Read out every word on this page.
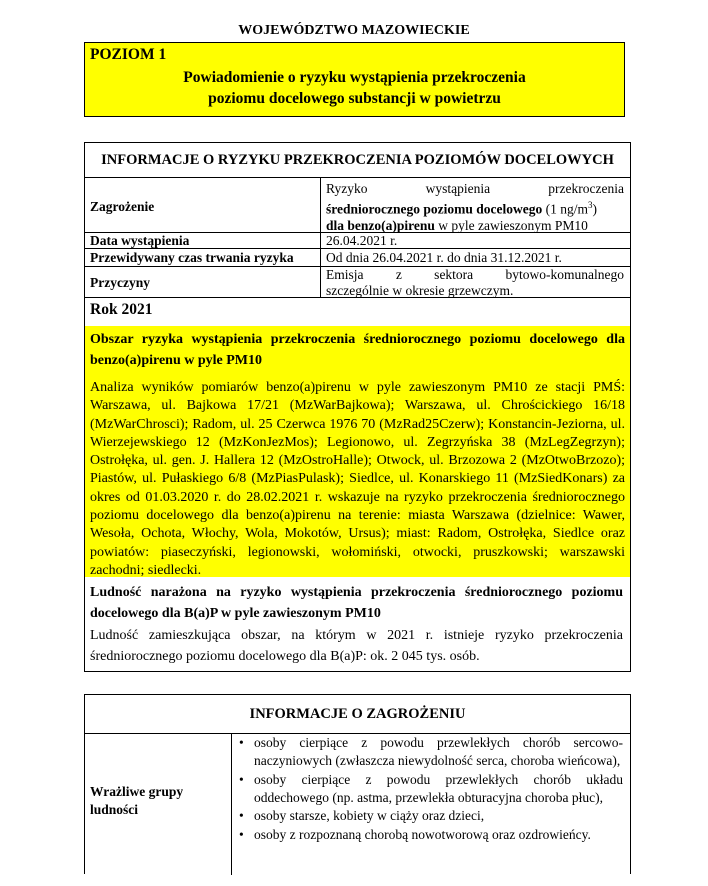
WOJEWÓDZTWO MAZOWIECKIE
POZIOM 1
Powiadomienie o ryzyku wystąpienia przekroczenia
poziomu docelowego substancji w powietrzu
INFORMACJE O RYZYKU PRZEKROCZENIA POZIOMÓW DOCELOWYCH
Zagrożenie
Ryzyko wystąpienia przekroczenia
średniorocznego poziomu docelowego (1 $ng/m^3$)
dla benzo(a)pirenu w pyle zawieszonym PM10
Data wystąpienia	26.04.2021 r.
Przewidywany czas trwania ryzyka Od dnia 26.04.2021 r. do dnia 31.12.2021 r.
Przyczyny
Emisja z sektora bytowo-komunalnego
szczególnie w okresie grzewczym.
Rok 2021
Obszar ryzyka wystąpienia przekroczenia średniorocznego poziomu docelowego dla benzo(a)pirenu w pyle PM10
Analiza wyników pomiarów benzo(a)pirenu w pyle zawieszonym PM10 ze stacji PMŚ: Warszawa, ul. Bajkowa 17/21 (MzWarBajkowa); Warszawa, ul. Chrościckiego 16/18 (MzWarChrosci); Radom, ul. 25 Czerwca 1976 70 (MzRad25Czerw); Konstancin-Jeziorna, ul. Wierzejewskiego 12 (MzKonJezMos); Legionowo, ul. Zegrzyńska 38 (MzLegZegrzyn); Ostrołęka, ul. gen. J. Hallera 12 (MzOstroHalle); Otwock, ul. Brzozowa 2 (MzOtwoBrzozo); Piastów, ul. Pułaskiego 6/8 (MzPiasPulask); Siedlce, ul. Konarskiego 11 (MzSiedKonars) za okres od 01.03.2020 r. do 28.02.2021 r. wskazuje na ryzyko przekroczenia średniorocznego poziomu docelowego dla benzo(a)pirenu na terenie: miasta Warszawa (dzielnice: Wawer, Wesoła, Ochota, Włochy, Wola, Mokotów, Ursus); miast: Radom, Ostrołęka, Siedlce oraz powiatów: piaseczyński, legionowski, wołomiński, otwocki, pruszkowski; warszawski zachodni; siedlecki.
Ludność narażona na ryzyko wystąpienia przekroczenia średniorocznego poziomu docelowego dla B(a)P w pyle zawieszonym PM10
Ludność zamieszkująca obszar, na którym w 2021 r. istnieje ryzyko przekroczenia średniorocznego poziomu docelowego dla B(a)P: ok. 2 045 tys. osób.
INFORMACJE O ZAGROŻENIU
Wrażliwe grupy
ludności
• osoby cierpiące z powodu przewlekłych chorób sercowo-naczyniowych (zwłaszcza niewydolność serca, choroba wieńcowa),
• osoby cierpiące z powodu przewlekłych chorób układu oddechowego (np. astma, przewlekła obturacyjna choroba płuc),
• osoby starsze, kobiety w ciąży oraz dzieci,
• osoby z rozpoznaną chorobą nowotworową oraz ozdrowieńcy.
